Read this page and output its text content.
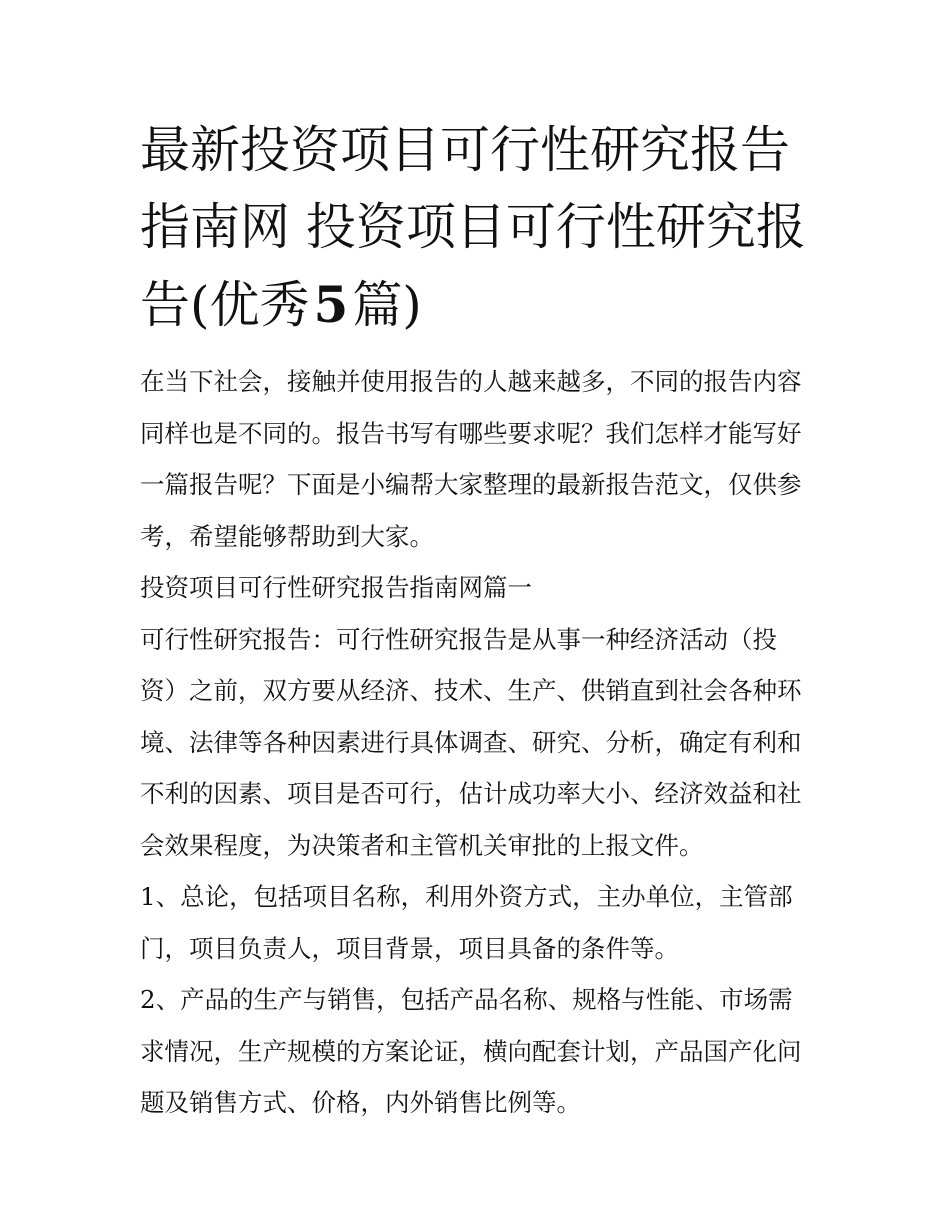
最新投资项目可行性研究报告
指南网 投资项目可行性研究报
告(优秀5篇)

在当下社会，接触并使用报告的人越来越多，不同的报告内容
同样也是不同的。报告书写有哪些要求呢？我们怎样才能写好
一篇报告呢？下面是小编帮大家整理的最新报告范文，仅供参
考，希望能够帮助到大家。

投资项目可行性研究报告指南网篇一

可行性研究报告：可行性研究报告是从事一种经济活动（投
资）之前，双方要从经济、技术、生产、供销直到社会各种环
境、法律等各种因素进行具体调查、研究、分析，确定有利和
不利的因素、项目是否可行，估计成功率大小、经济效益和社
会效果程度，为决策者和主管机关审批的上报文件。

1、总论，包括项目名称，利用外资方式，主办单位，主管部
门，项目负责人，项目背景，项目具备的条件等。

2、产品的生产与销售，包括产品名称、规格与性能、市场需
求情况，生产规模的方案论证，横向配套计划，产品国产化问
题及销售方式、价格，内外销售比例等。
